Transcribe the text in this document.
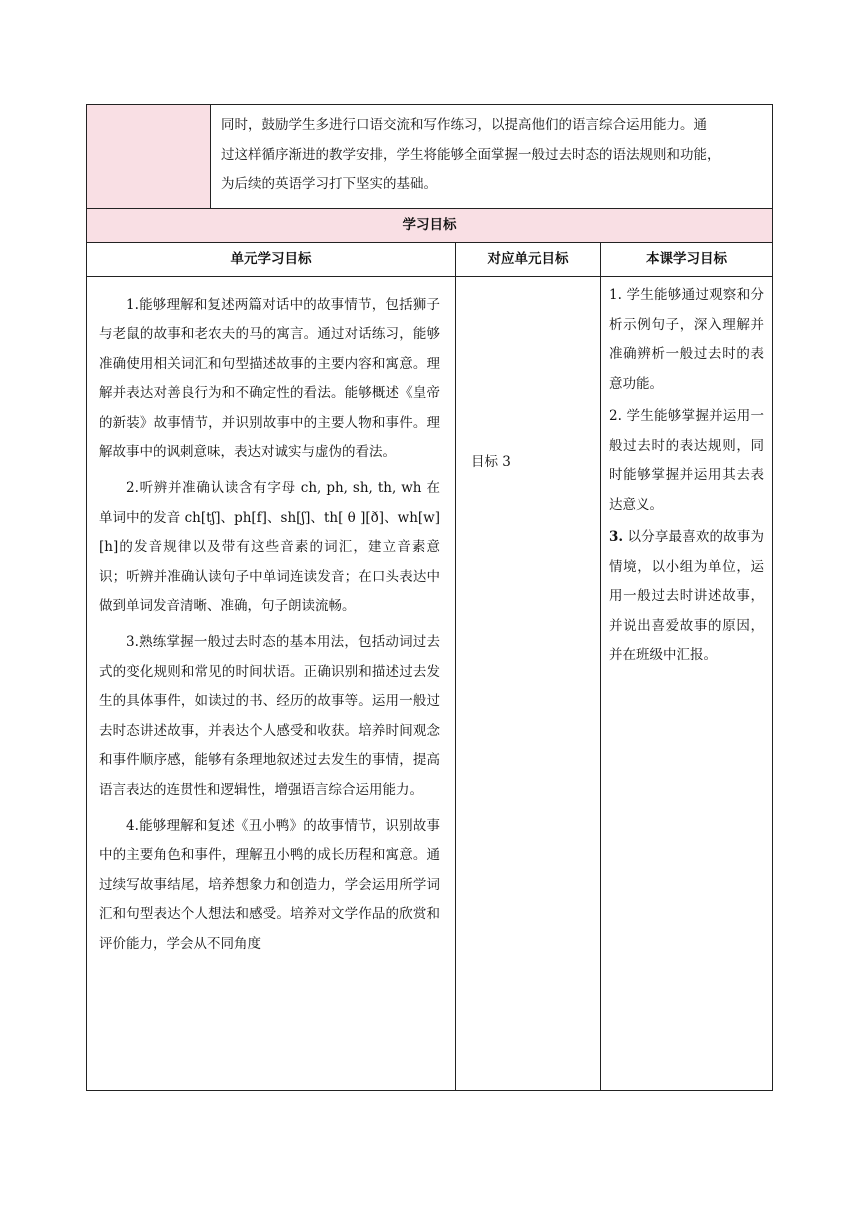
同时，鼓励学生多进行口语交流和写作练习，以提高他们的语言综合运用能力。通
过这样循序渐进的教学安排，学生将能够全面掌握一般过去时态的语法规则和功能，
为后续的英语学习打下坚实的基础。
学习目标
单元学习目标	对应单元目标	本课学习目标

1.能够理解和复述两篇对话中的故事情节，包括狮子与老鼠的故事和老农夫的马的寓言。通过对话练习，能够准确使用相关词汇和句型描述故事的主要内容和寓意。理解并表达对善良行为和不确定性的看法。能够概述《皇帝的新装》故事情节，并识别故事中的主要人物和事件。理解故事中的讽刺意味，表达对诚实与虚伪的看法。

2.听辨并准确认读含有字母 ch, ph, sh, th, wh 在单词中的发音 ch[tʃ]、ph[f]、sh[ʃ]、th[ θ ][ð]、wh[w][h]的发音规律以及带有这些音素的词汇，建立音素意识；听辨并准确认读句子中单词连读发音；在口头表达中做到单词发音清晰、准确，句子朗读流畅。

3.熟练掌握一般过去时态的基本用法，包括动词过去式的变化规则和常见的时间状语。正确识别和描述过去发生的具体事件，如读过的书、经历的故事等。运用一般过去时态讲述故事，并表达个人感受和收获。培养时间观念和事件顺序感，能够有条理地叙述过去发生的事情，提高语言表达的连贯性和逻辑性，增强语言综合运用能力。

4.能够理解和复述《丑小鸭》的故事情节，识别故事中的主要角色和事件，理解丑小鸭的成长历程和寓意。通过续写故事结尾，培养想象力和创造力，学会运用所学词汇和句型表达个人想法和感受。培养对文学作品的欣赏和评价能力，学会从不同角度

目标 3

1. 学生能够通过观察和分析示例句子，深入理解并准确辨析一般过去时的表意功能。

2. 学生能够掌握并运用一般过去时的表达规则，同时能够掌握并运用其去表达意义。

3. 以分享最喜欢的故事为情境，以小组为单位，运用一般过去时讲述故事，并说出喜爱故事的原因，并在班级中汇报。
